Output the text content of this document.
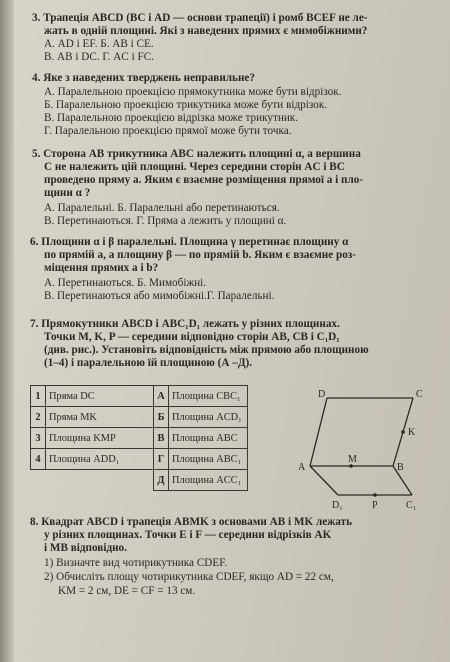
3. Трапеція ABCD (BC і AD — основи трапеції) і ромб BCEF не ле-
жать в одній площині. Які з наведених прямих є мимобіжними?
А. AD і EF. Б. AB і CE.
В. AB і DC. Г. AC і FC.
4. Яке з наведених тверджень неправильне?
А. Паралельною проекцією прямокутника може бути відрізок.
Б. Паралельною проекцією трикутника може бути відрізок.
В. Паралельною проекцією відрізка може трикутник.
Г. Паралельною проекцією прямої може бути точка.
5. Сторона AB трикутника ABC належить площині α, а вершина
C не належить цій площині. Через середини сторін AC і BC
проведено пряму a. Яким є взаємне розміщення прямої a і пло-
щини α ?
А. Паралельні. Б. Паралельні або перетинаються.
В. Перетинаються. Г. Пряма a лежить у площині α.
6. Площини α і β паралельні. Площина γ перетинає площину α
по прямій a, а площину β — по прямій b. Яким є взаємне роз-
міщення прямих a і b?
А. Перетинаються. Б. Мимобіжні.
В. Перетинаються або мимобіжні.Г. Паралельні.
7. Прямокутники ABCD і ABC₁D₁ лежать у різних площинах.
Точки M, K, P — середини відповідно сторін AB, CB і C₁D₁
(див. рис.). Установіть відповідність між прямою або площиною
(1–4) і паралельною їй площиною (А –Д).
1	Пряма DC	А	Площина CBC₁
2	Пряма MK	Б	Площина ACD₁
3	Площина KMP	В	Площина ABC
4	Площина ADD₁	Г	Площина ABC₁
		Д	Площина ACC₁
D	C
K
A
M
B
D₁	P	C₁
8. Квадрат ABCD і трапеція ABMK з основами AB і MK лежать
у різних площинах. Точки E і F — середини відрізків AK
і MB відповідно.
1) Визначте вид чотирикутника CDEF.
2) Обчисліть площу чотирикутника CDEF, якщо AD = 22 см,
KM = 2 см, DE = CF = 13 см.
